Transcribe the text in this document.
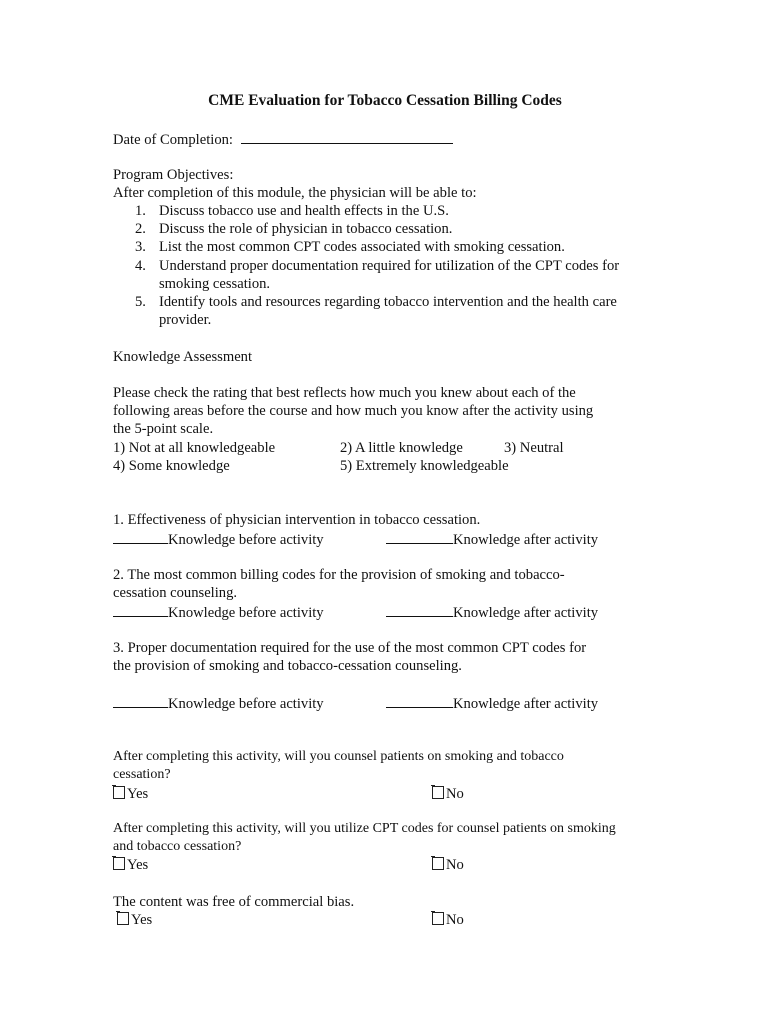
CME Evaluation for Tobacco Cessation Billing Codes
Date of Completion:
Program Objectives:
After completion of this module, the physician will be able to:
1. Discuss tobacco use and health effects in the U.S.
2. Discuss the role of physician in tobacco cessation.
3. List the most common CPT codes associated with smoking cessation.
4. Understand proper documentation required for utilization of the CPT codes for smoking cessation.
5. Identify tools and resources regarding tobacco intervention and the health care provider.
Knowledge Assessment
Please check the rating that best reflects how much you knew about each of the
following areas before the course and how much you know after the activity using
the 5-point scale.
1) Not at all knowledgeable	2) A little knowledge	3) Neutral
4) Some knowledge	5) Extremely knowledgeable
1. Effectiveness of physician intervention in tobacco cessation.
Knowledge before activity	Knowledge after activity
2. The most common billing codes for the provision of smoking and tobacco-
cessation counseling.
Knowledge before activity	Knowledge after activity
3. Proper documentation required for the use of the most common CPT codes for
the provision of smoking and tobacco-cessation counseling.
Knowledge before activity	Knowledge after activity
After completing this activity, will you counsel patients on smoking and tobacco
cessation?
Yes	No
After completing this activity, will you utilize CPT codes for counsel patients on smoking
and tobacco cessation?
Yes	No
The content was free of commercial bias.
Yes	No
